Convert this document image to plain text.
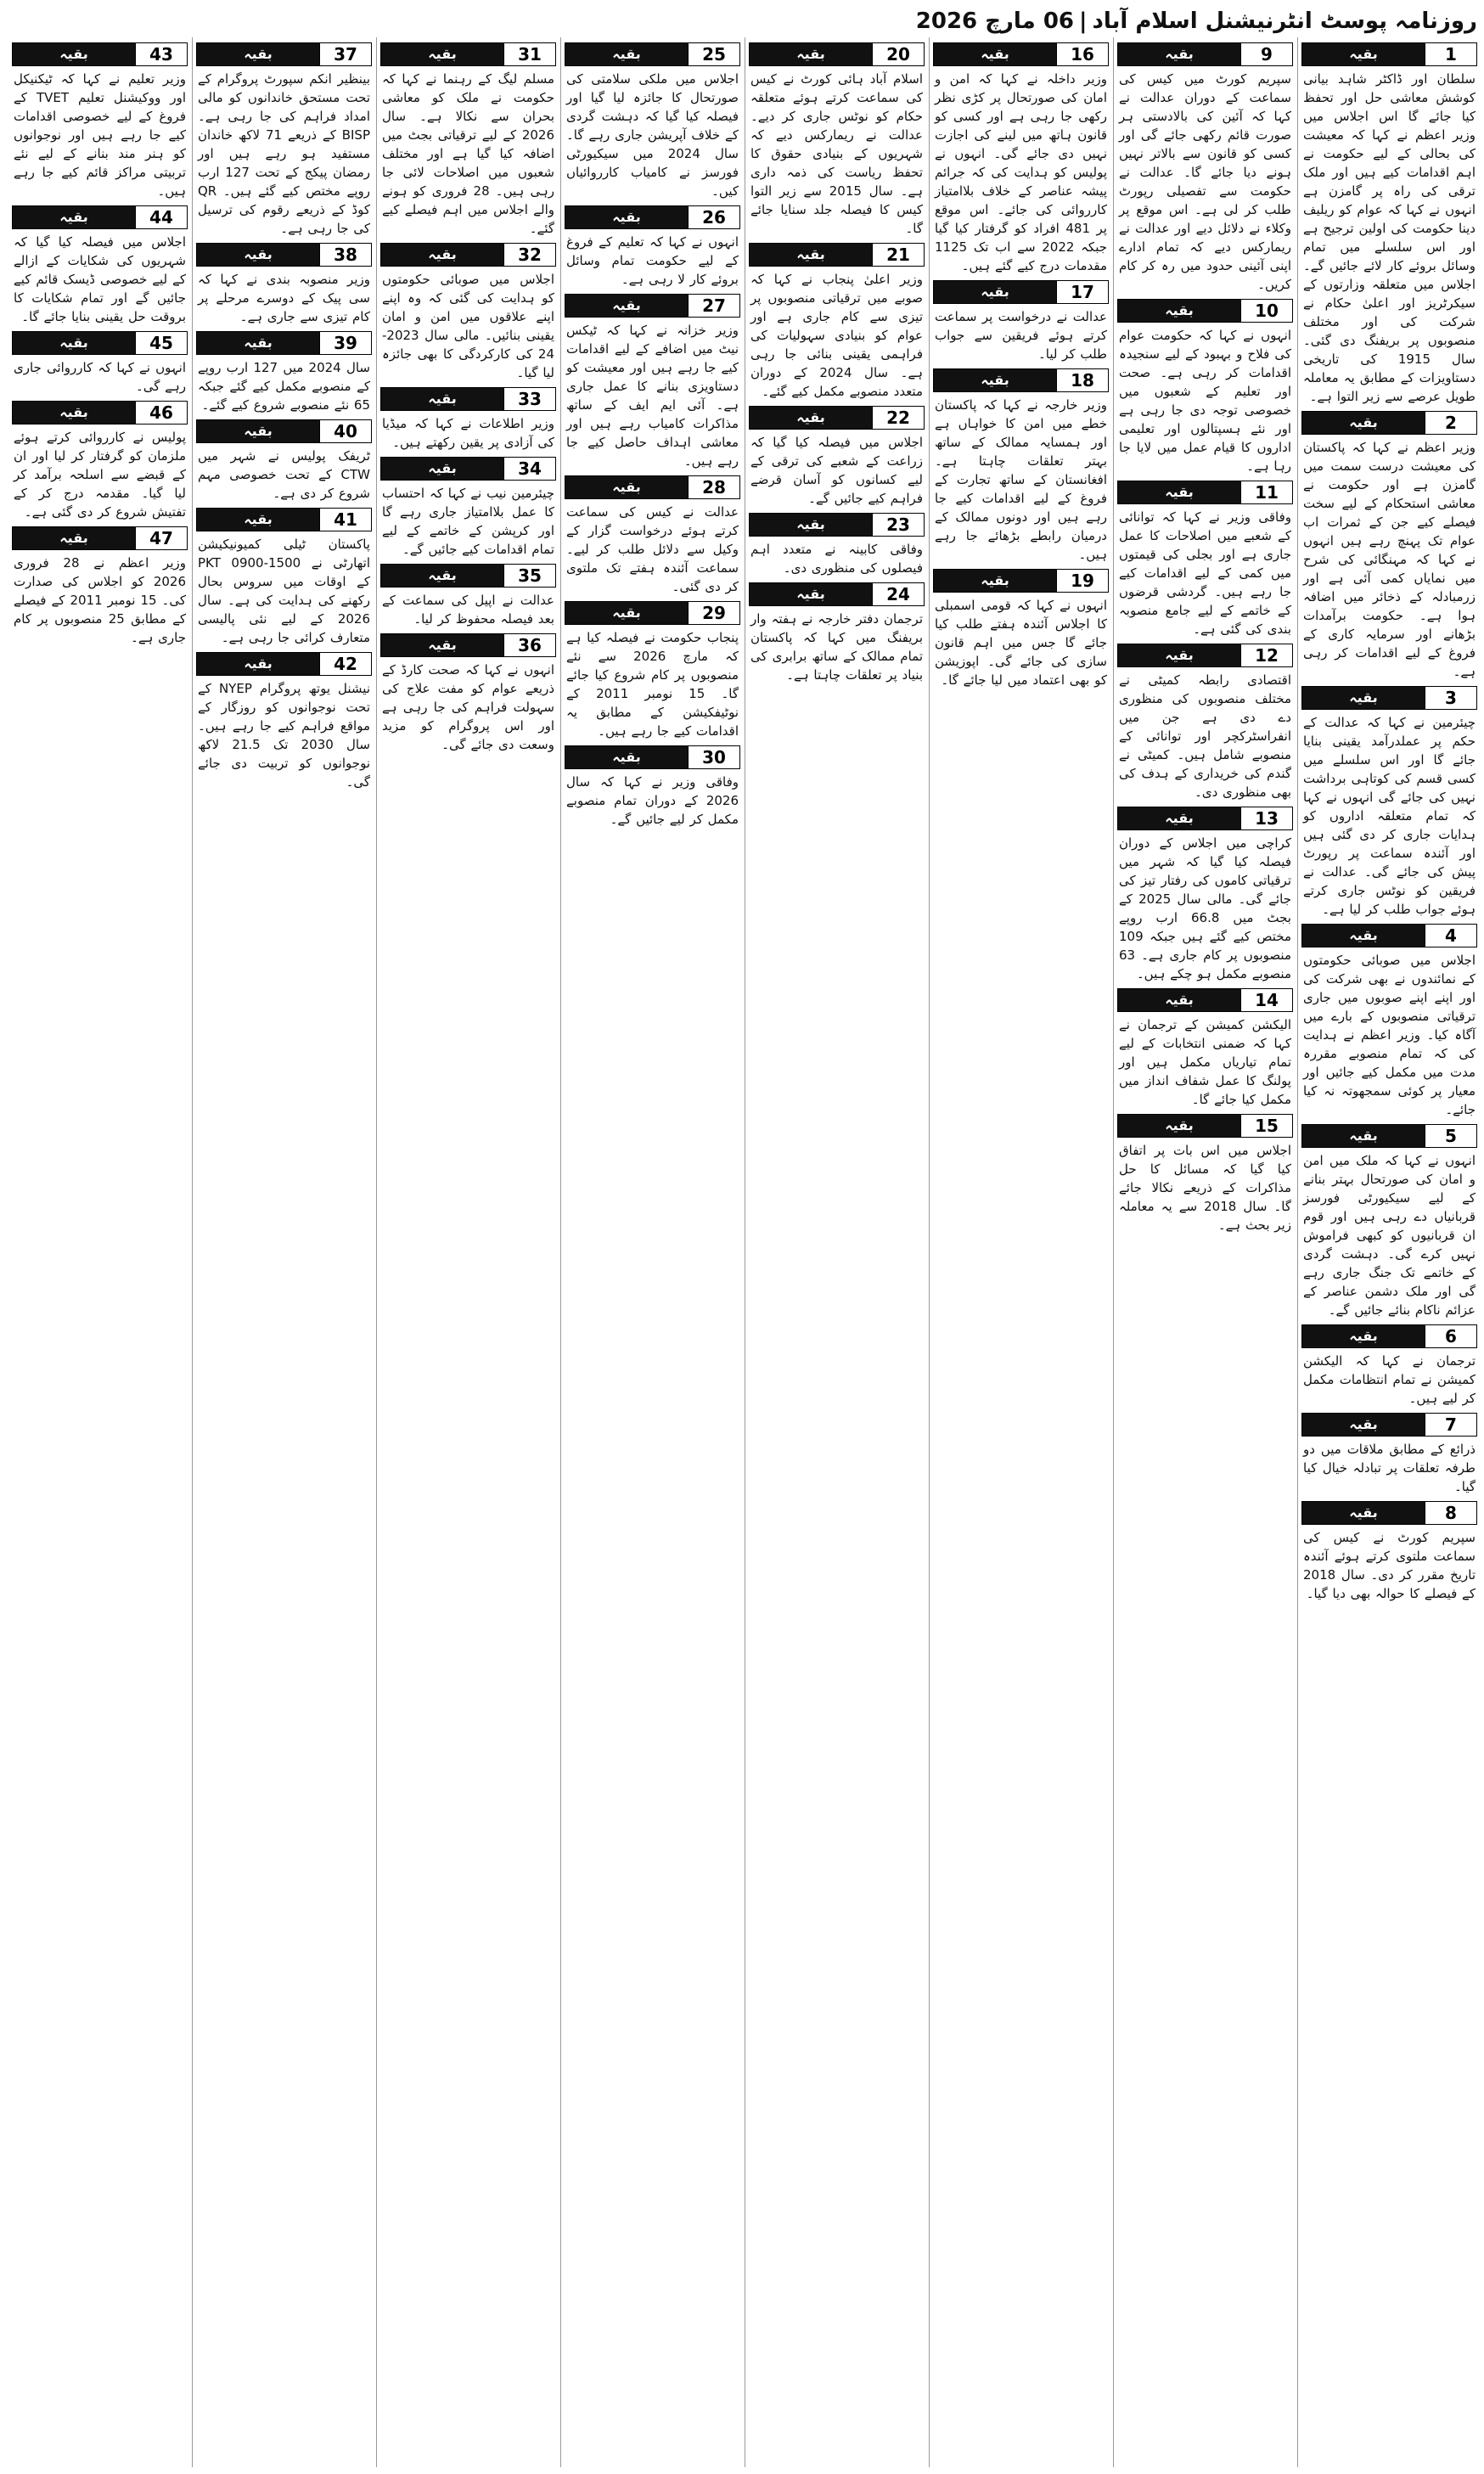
روزنامہ پوسٹ انٹرنیشنل اسلام آباد|06 مارچ 2026
1
بقیہ

سلطان اور ڈاکٹر شاہد بیانی کوشش معاشی حل اور تحفظ کیا جائے گا اس اجلاس میں وزیر اعظم نے کہا کہ معیشت کی بحالی کے لیے حکومت نے اہم اقدامات کیے ہیں اور ملک ترقی کی راہ پر گامزن ہے انہوں نے کہا کہ عوام کو ریلیف دینا حکومت کی اولین ترجیح ہے اور اس سلسلے میں تمام وسائل بروئے کار لائے جائیں گے۔ اجلاس میں متعلقہ وزارتوں کے سیکرٹریز اور اعلیٰ حکام نے شرکت کی اور مختلف منصوبوں پر بریفنگ دی گئی۔ سال 1915 کی تاریخی دستاویزات کے مطابق یہ معاملہ طویل عرصے سے زیر التوا ہے۔

2
بقیہ

وزیر اعظم نے کہا کہ پاکستان کی معیشت درست سمت میں گامزن ہے اور حکومت نے معاشی استحکام کے لیے سخت فیصلے کیے جن کے ثمرات اب عوام تک پہنچ رہے ہیں انہوں نے کہا کہ مہنگائی کی شرح میں نمایاں کمی آئی ہے اور زرمبادلہ کے ذخائر میں اضافہ ہوا ہے۔ حکومت برآمدات بڑھانے اور سرمایہ کاری کے فروغ کے لیے اقدامات کر رہی ہے۔

3
بقیہ

چیئرمین نے کہا کہ عدالت کے حکم پر عملدرآمد یقینی بنایا جائے گا اور اس سلسلے میں کسی قسم کی کوتاہی برداشت نہیں کی جائے گی انہوں نے کہا کہ تمام متعلقہ اداروں کو ہدایات جاری کر دی گئی ہیں اور آئندہ سماعت پر رپورٹ پیش کی جائے گی۔ عدالت نے فریقین کو نوٹس جاری کرتے ہوئے جواب طلب کر لیا ہے۔

4
بقیہ

اجلاس میں صوبائی حکومتوں کے نمائندوں نے بھی شرکت کی اور اپنے اپنے صوبوں میں جاری ترقیاتی منصوبوں کے بارے میں آگاہ کیا۔ وزیر اعظم نے ہدایت کی کہ تمام منصوبے مقررہ مدت میں مکمل کیے جائیں اور معیار پر کوئی سمجھوتہ نہ کیا جائے۔

5
بقیہ

انہوں نے کہا کہ ملک میں امن و امان کی صورتحال بہتر بنانے کے لیے سیکیورٹی فورسز قربانیاں دے رہی ہیں اور قوم ان قربانیوں کو کبھی فراموش نہیں کرے گی۔ دہشت گردی کے خاتمے تک جنگ جاری رہے گی اور ملک دشمن عناصر کے عزائم ناکام بنائے جائیں گے۔

6
بقیہ

ترجمان نے کہا کہ الیکشن کمیشن نے تمام انتظامات مکمل کر لیے ہیں۔

7
بقیہ

ذرائع کے مطابق ملاقات میں دو طرفہ تعلقات پر تبادلہ خیال کیا گیا۔

8
بقیہ

سپریم کورٹ نے کیس کی سماعت ملتوی کرتے ہوئے آئندہ تاریخ مقرر کر دی۔ سال 2018 کے فیصلے کا حوالہ بھی دیا گیا۔

9
بقیہ

سپریم کورٹ میں کیس کی سماعت کے دوران عدالت نے کہا کہ آئین کی بالادستی ہر صورت قائم رکھی جائے گی اور کسی کو قانون سے بالاتر نہیں ہونے دیا جائے گا۔ عدالت نے حکومت سے تفصیلی رپورٹ طلب کر لی ہے۔ اس موقع پر وکلاء نے دلائل دیے اور عدالت نے ریمارکس دیے کہ تمام ادارے اپنی آئینی حدود میں رہ کر کام کریں۔

10
بقیہ

انہوں نے کہا کہ حکومت عوام کی فلاح و بہبود کے لیے سنجیدہ اقدامات کر رہی ہے۔ صحت اور تعلیم کے شعبوں میں خصوصی توجہ دی جا رہی ہے اور نئے ہسپتالوں اور تعلیمی اداروں کا قیام عمل میں لایا جا رہا ہے۔

11
بقیہ

وفاقی وزیر نے کہا کہ توانائی کے شعبے میں اصلاحات کا عمل جاری ہے اور بجلی کی قیمتوں میں کمی کے لیے اقدامات کیے جا رہے ہیں۔ گردشی قرضوں کے خاتمے کے لیے جامع منصوبہ بندی کی گئی ہے۔

12
بقیہ

اقتصادی رابطہ کمیٹی نے مختلف منصوبوں کی منظوری دے دی ہے جن میں انفراسٹرکچر اور توانائی کے منصوبے شامل ہیں۔ کمیٹی نے گندم کی خریداری کے ہدف کی بھی منظوری دی۔

13
بقیہ

کراچی میں اجلاس کے دوران فیصلہ کیا گیا کہ شہر میں ترقیاتی کاموں کی رفتار تیز کی جائے گی۔ مالی سال 2025 کے بجٹ میں 66.8 ارب روپے مختص کیے گئے ہیں جبکہ 109 منصوبوں پر کام جاری ہے۔ 63 منصوبے مکمل ہو چکے ہیں۔

14
بقیہ

الیکشن کمیشن کے ترجمان نے کہا کہ ضمنی انتخابات کے لیے تمام تیاریاں مکمل ہیں اور پولنگ کا عمل شفاف انداز میں مکمل کیا جائے گا۔

15
بقیہ

اجلاس میں اس بات پر اتفاق کیا گیا کہ مسائل کا حل مذاکرات کے ذریعے نکالا جائے گا۔ سال 2018 سے یہ معاملہ زیر بحث ہے۔

16
بقیہ

وزیر داخلہ نے کہا کہ امن و امان کی صورتحال پر کڑی نظر رکھی جا رہی ہے اور کسی کو قانون ہاتھ میں لینے کی اجازت نہیں دی جائے گی۔ انہوں نے پولیس کو ہدایت کی کہ جرائم پیشہ عناصر کے خلاف بلاامتیاز کارروائی کی جائے۔ اس موقع پر 481 افراد کو گرفتار کیا گیا جبکہ 2022 سے اب تک 1125 مقدمات درج کیے گئے ہیں۔

17
بقیہ

عدالت نے درخواست پر سماعت کرتے ہوئے فریقین سے جواب طلب کر لیا۔

18
بقیہ

وزیر خارجہ نے کہا کہ پاکستان خطے میں امن کا خواہاں ہے اور ہمسایہ ممالک کے ساتھ بہتر تعلقات چاہتا ہے۔ افغانستان کے ساتھ تجارت کے فروغ کے لیے اقدامات کیے جا رہے ہیں اور دونوں ممالک کے درمیان رابطے بڑھائے جا رہے ہیں۔

19
بقیہ

انہوں نے کہا کہ قومی اسمبلی کا اجلاس آئندہ ہفتے طلب کیا جائے گا جس میں اہم قانون سازی کی جائے گی۔ اپوزیشن کو بھی اعتماد میں لیا جائے گا۔

20
بقیہ

اسلام آباد ہائی کورٹ نے کیس کی سماعت کرتے ہوئے متعلقہ حکام کو نوٹس جاری کر دیے۔ عدالت نے ریمارکس دیے کہ شہریوں کے بنیادی حقوق کا تحفظ ریاست کی ذمہ داری ہے۔ سال 2015 سے زیر التوا کیس کا فیصلہ جلد سنایا جائے گا۔

21
بقیہ

وزیر اعلیٰ پنجاب نے کہا کہ صوبے میں ترقیاتی منصوبوں پر تیزی سے کام جاری ہے اور عوام کو بنیادی سہولیات کی فراہمی یقینی بنائی جا رہی ہے۔ سال 2024 کے دوران متعدد منصوبے مکمل کیے گئے۔

22
بقیہ

اجلاس میں فیصلہ کیا گیا کہ زراعت کے شعبے کی ترقی کے لیے کسانوں کو آسان قرضے فراہم کیے جائیں گے۔

23
بقیہ

وفاقی کابینہ نے متعدد اہم فیصلوں کی منظوری دی۔

24
بقیہ

ترجمان دفتر خارجہ نے ہفتہ وار بریفنگ میں کہا کہ پاکستان تمام ممالک کے ساتھ برابری کی بنیاد پر تعلقات چاہتا ہے۔

25
بقیہ

اجلاس میں ملکی سلامتی کی صورتحال کا جائزہ لیا گیا اور فیصلہ کیا گیا کہ دہشت گردی کے خلاف آپریشن جاری رہے گا۔ سال 2024 میں سیکیورٹی فورسز نے کامیاب کارروائیاں کیں۔

26
بقیہ

انہوں نے کہا کہ تعلیم کے فروغ کے لیے حکومت تمام وسائل بروئے کار لا رہی ہے۔

27
بقیہ

وزیر خزانہ نے کہا کہ ٹیکس نیٹ میں اضافے کے لیے اقدامات کیے جا رہے ہیں اور معیشت کو دستاویزی بنانے کا عمل جاری ہے۔ آئی ایم ایف کے ساتھ مذاکرات کامیاب رہے ہیں اور معاشی اہداف حاصل کیے جا رہے ہیں۔

28
بقیہ

عدالت نے کیس کی سماعت کرتے ہوئے درخواست گزار کے وکیل سے دلائل طلب کر لیے۔ سماعت آئندہ ہفتے تک ملتوی کر دی گئی۔

29
بقیہ

پنجاب حکومت نے فیصلہ کیا ہے کہ مارچ 2026 سے نئے منصوبوں پر کام شروع کیا جائے گا۔ 15 نومبر 2011 کے نوٹیفکیشن کے مطابق یہ اقدامات کیے جا رہے ہیں۔

30
بقیہ

وفاقی وزیر نے کہا کہ سال 2026 کے دوران تمام منصوبے مکمل کر لیے جائیں گے۔

31
بقیہ

مسلم لیگ کے رہنما نے کہا کہ حکومت نے ملک کو معاشی بحران سے نکالا ہے۔ سال 2026 کے لیے ترقیاتی بجٹ میں اضافہ کیا گیا ہے اور مختلف شعبوں میں اصلاحات لائی جا رہی ہیں۔ 28 فروری کو ہونے والے اجلاس میں اہم فیصلے کیے گئے۔

32
بقیہ

اجلاس میں صوبائی حکومتوں کو ہدایت کی گئی کہ وہ اپنے اپنے علاقوں میں امن و امان یقینی بنائیں۔ مالی سال 2023-24 کی کارکردگی کا بھی جائزہ لیا گیا۔

33
بقیہ

وزیر اطلاعات نے کہا کہ میڈیا کی آزادی پر یقین رکھتے ہیں۔

34
بقیہ

چیئرمین نیب نے کہا کہ احتساب کا عمل بلاامتیاز جاری رہے گا اور کرپشن کے خاتمے کے لیے تمام اقدامات کیے جائیں گے۔

35
بقیہ

عدالت نے اپیل کی سماعت کے بعد فیصلہ محفوظ کر لیا۔

36
بقیہ

انہوں نے کہا کہ صحت کارڈ کے ذریعے عوام کو مفت علاج کی سہولت فراہم کی جا رہی ہے اور اس پروگرام کو مزید وسعت دی جائے گی۔

37
بقیہ

بینظیر انکم سپورٹ پروگرام کے تحت مستحق خاندانوں کو مالی امداد فراہم کی جا رہی ہے۔ BISP کے ذریعے 71 لاکھ خاندان مستفید ہو رہے ہیں اور رمضان پیکج کے تحت 127 ارب روپے مختص کیے گئے ہیں۔ QR کوڈ کے ذریعے رقوم کی ترسیل کی جا رہی ہے۔

38
بقیہ

وزیر منصوبہ بندی نے کہا کہ سی پیک کے دوسرے مرحلے پر کام تیزی سے جاری ہے۔

39
بقیہ

سال 2024 میں 127 ارب روپے کے منصوبے مکمل کیے گئے جبکہ 65 نئے منصوبے شروع کیے گئے۔

40
بقیہ

ٹریفک پولیس نے شہر میں CTW کے تحت خصوصی مہم شروع کر دی ہے۔

41
بقیہ

پاکستان ٹیلی کمیونیکیشن اتھارٹی نے PKT 0900-1500 کے اوقات میں سروس بحال رکھنے کی ہدایت کی ہے۔ سال 2026 کے لیے نئی پالیسی متعارف کرائی جا رہی ہے۔

42
بقیہ

نیشنل یوتھ پروگرام NYEP کے تحت نوجوانوں کو روزگار کے مواقع فراہم کیے جا رہے ہیں۔ سال 2030 تک 21.5 لاکھ نوجوانوں کو تربیت دی جائے گی۔

43
بقیہ

وزیر تعلیم نے کہا کہ ٹیکنیکل اور ووکیشنل تعلیم TVET کے فروغ کے لیے خصوصی اقدامات کیے جا رہے ہیں اور نوجوانوں کو ہنر مند بنانے کے لیے نئے تربیتی مراکز قائم کیے جا رہے ہیں۔

44
بقیہ

اجلاس میں فیصلہ کیا گیا کہ شہریوں کی شکایات کے ازالے کے لیے خصوصی ڈیسک قائم کیے جائیں گے اور تمام شکایات کا بروقت حل یقینی بنایا جائے گا۔

45
بقیہ

انہوں نے کہا کہ کارروائی جاری رہے گی۔

46
بقیہ

پولیس نے کارروائی کرتے ہوئے ملزمان کو گرفتار کر لیا اور ان کے قبضے سے اسلحہ برآمد کر لیا گیا۔ مقدمہ درج کر کے تفتیش شروع کر دی گئی ہے۔

47
بقیہ

وزیر اعظم نے 28 فروری 2026 کو اجلاس کی صدارت کی۔ 15 نومبر 2011 کے فیصلے کے مطابق 25 منصوبوں پر کام جاری ہے۔
